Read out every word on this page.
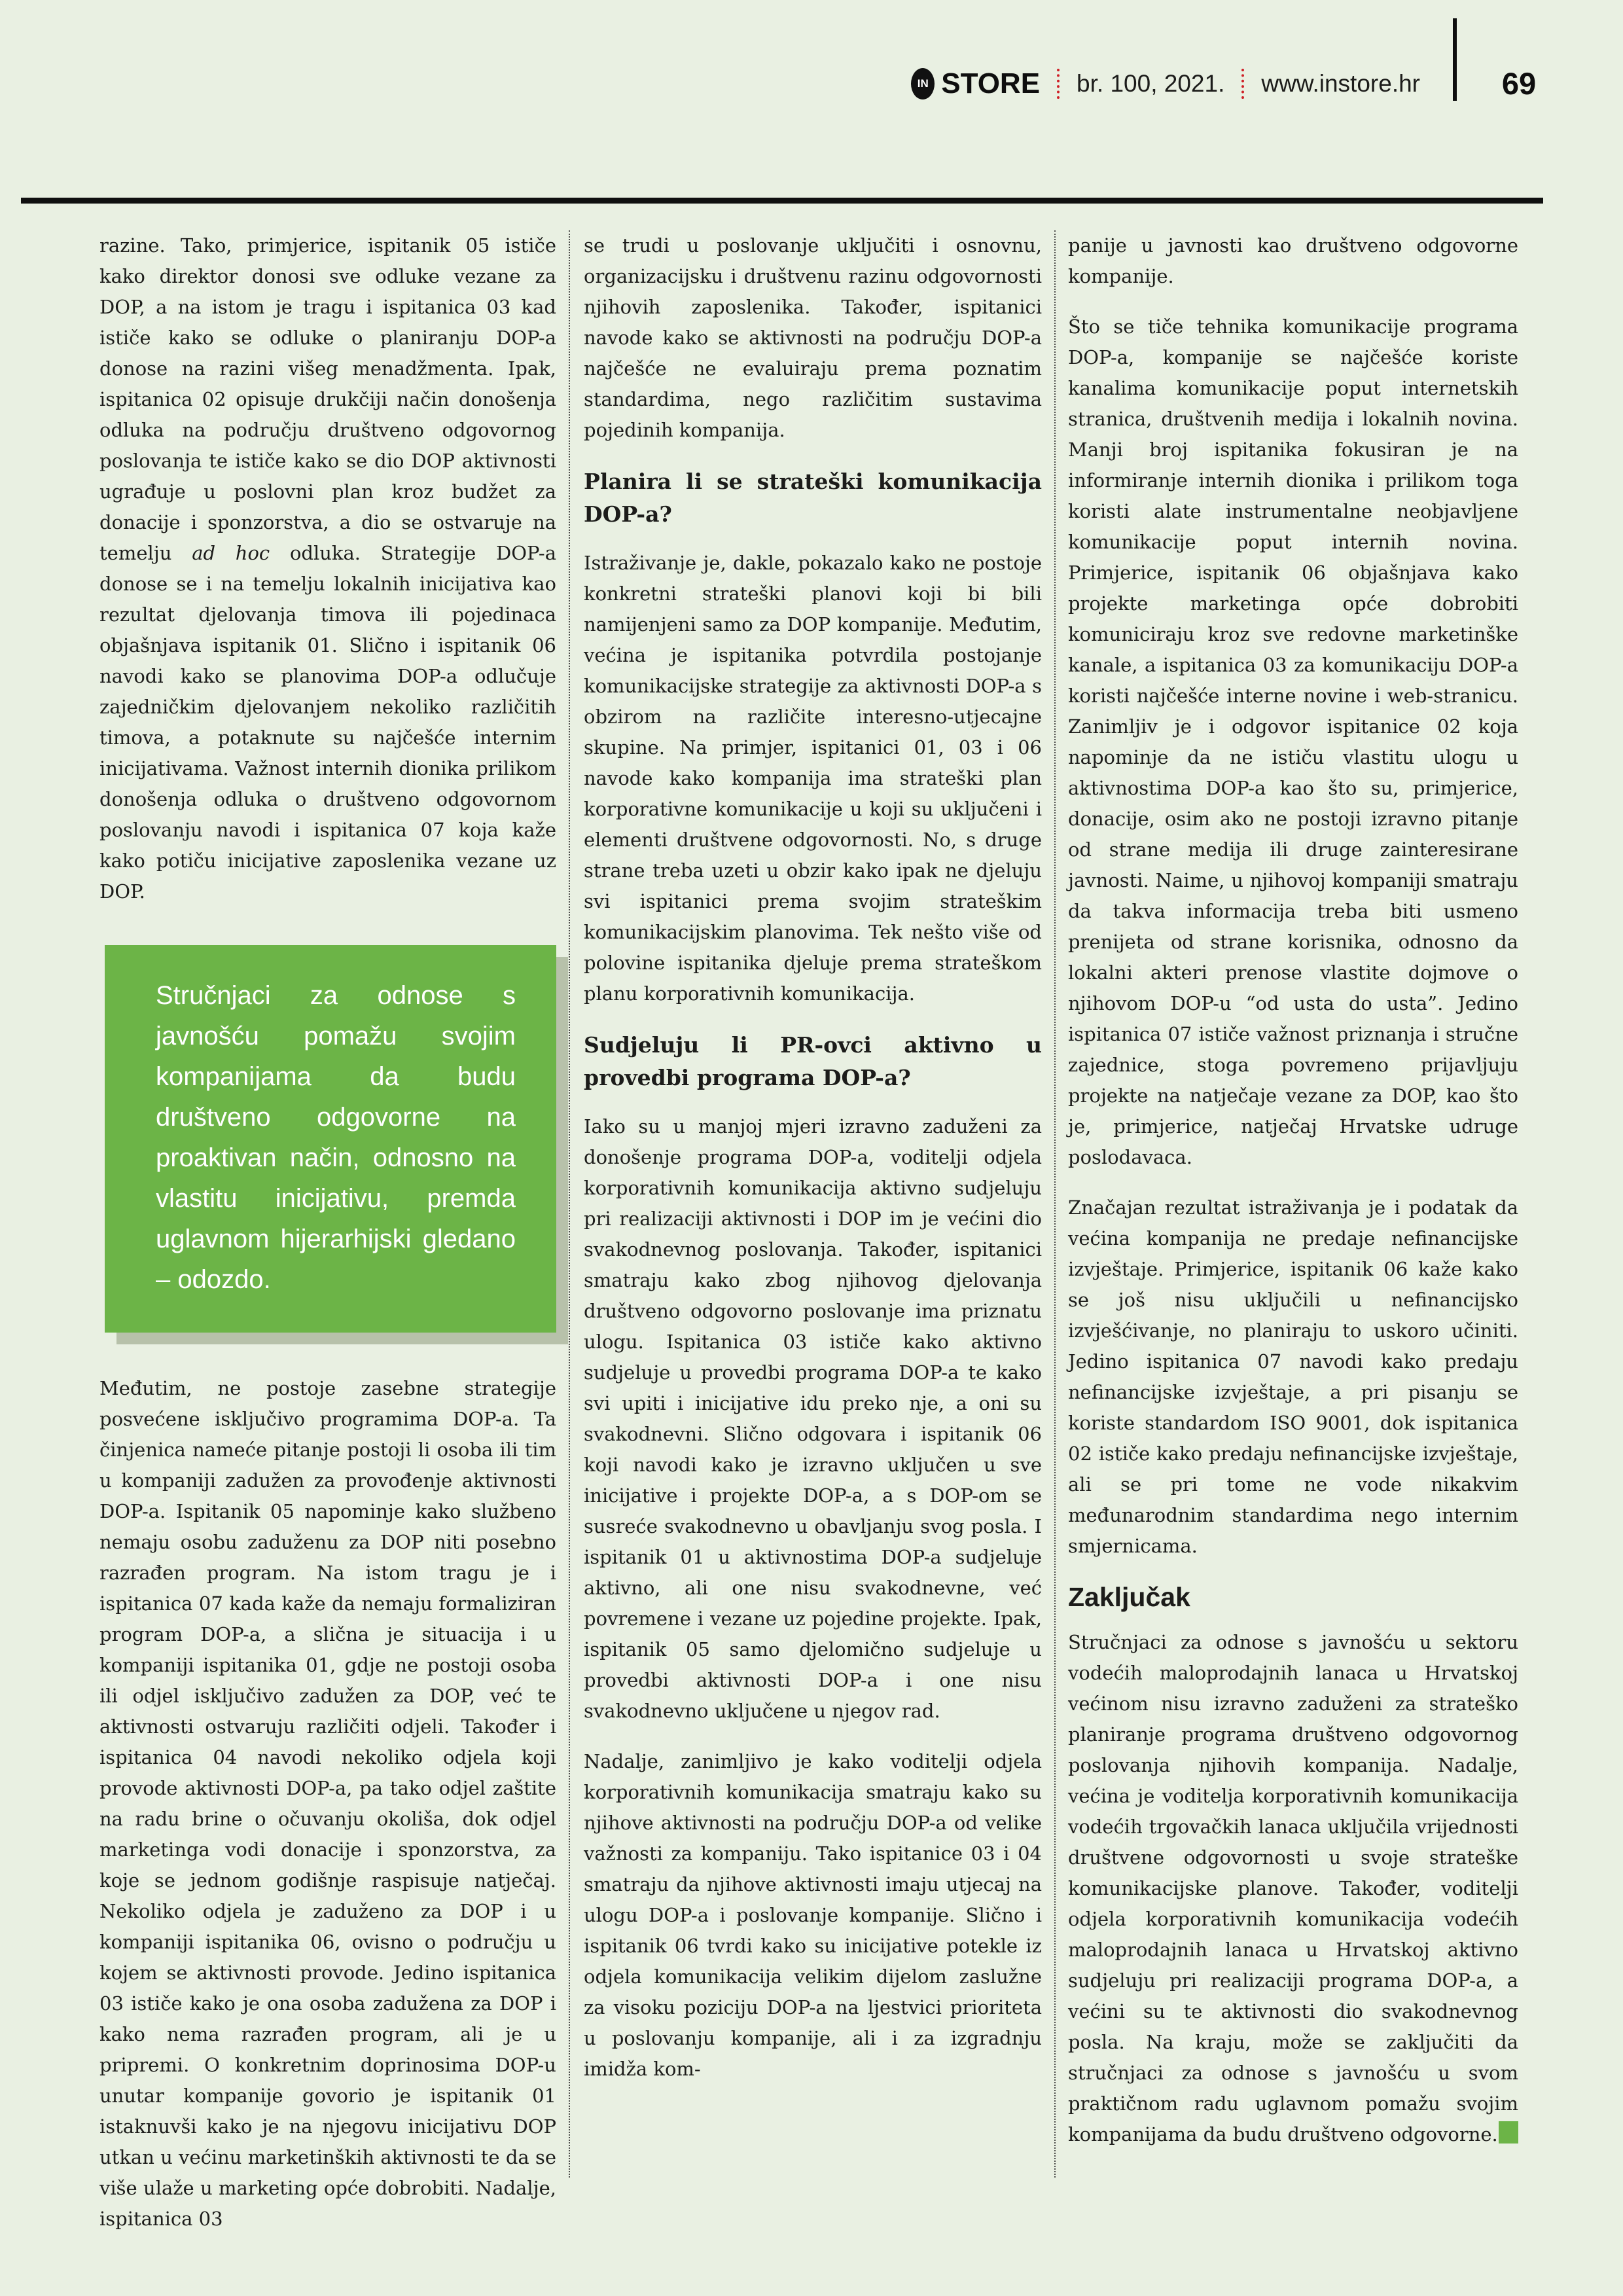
IN STORE br. 100, 2021. www.instore.hr	69

razine. Tako, primjerice, ispitanik 05 ističe kako direktor donosi sve odluke vezane za DOP, a na istom je tragu i ispitanica 03 kad ističe kako se odluke o planiranju DOP-a donose na razini višeg menadžmenta. Ipak, ispitanica 02 opisuje drukčiji način donošenja odluka na području društveno odgovornog poslovanja te ističe kako se dio DOP aktivnosti ugrađuje u poslovni plan kroz budžet za donacije i sponzorstva, a dio se ostvaruje na temelju ad hoc odluka. Strategije DOP-a donose se i na temelju lokalnih inicijativa kao rezultat djelovanja timova ili pojedinaca objašnjava ispitanik 01. Slično i ispitanik 06 navodi kako se planovima DOP-a odlučuje zajedničkim djelovanjem nekoliko različitih timova, a potaknute su najčešće internim inicijativama. Važnost internih dionika prilikom donošenja odluka o društveno odgovornom poslovanju navodi i ispitanica 07 koja kaže kako potiču inicijative zaposlenika vezane uz DOP.

Stručnjaci za odnose s javnošću pomažu svojim kompanijama da budu društveno odgovorne na proaktivan način, odnosno na vlastitu inicijativu, premda uglavnom hijerarhijski gledano – odozdo.

Međutim, ne postoje zasebne strategije posvećene isključivo programima DOP-a. Ta činjenica nameće pitanje postoji li osoba ili tim u kompaniji zadužen za provođenje aktivnosti DOP-a. Ispitanik 05 napominje kako službeno nemaju osobu zaduženu za DOP niti posebno razrađen program. Na istom tragu je i ispitanica 07 kada kaže da nemaju formaliziran program DOP-a, a slična je situacija i u kompaniji ispitanika 01, gdje ne postoji osoba ili odjel isključivo zadužen za DOP, već te aktivnosti ostvaruju različiti odjeli. Također i ispitanica 04 navodi nekoliko odjela koji provode aktivnosti DOP-a, pa tako odjel zaštite na radu brine o očuvanju okoliša, dok odjel marketinga vodi donacije i sponzorstva, za koje se jednom godišnje raspisuje natječaj. Nekoliko odjela je zaduženo za DOP i u kompaniji ispitanika 06, ovisno o području u kojem se aktivnosti provode. Jedino ispitanica 03 ističe kako je ona osoba zadužena za DOP i kako nema razrađen program, ali je u pripremi. O konkretnim doprinosima DOP-u unutar kompanije govorio je ispitanik 01 istaknuvši kako je na njegovu inicijativu DOP utkan u većinu marketinških aktivnosti te da se više ulaže u marketing opće dobrobiti. Nadalje, ispitanica 03

se trudi u poslovanje uključiti i osnovnu, organizacijsku i društvenu razinu odgovornosti njihovih zaposlenika. Također, ispitanici navode kako se aktivnosti na području DOP-a najčešće ne evaluiraju prema poznatim standardima, nego različitim sustavima pojedinih kompanija.

Planira li se strateški komunikacija DOP-a?

Istraživanje je, dakle, pokazalo kako ne postoje konkretni strateški planovi koji bi bili namijenjeni samo za DOP kompanije. Međutim, većina je ispitanika potvrdila postojanje komunikacijske strategije za aktivnosti DOP-a s obzirom na različite interesno-utjecajne skupine. Na primjer, ispitanici 01, 03 i 06 navode kako kompanija ima strateški plan korporativne komunikacije u koji su uključeni i elementi društvene odgovornosti. No, s druge strane treba uzeti u obzir kako ipak ne djeluju svi ispitanici prema svojim strateškim komunikacijskim planovima. Tek nešto više od polovine ispitanika djeluje prema strateškom planu korporativnih komunikacija.

Sudjeluju li PR-ovci aktivno u provedbi programa DOP-a?

Iako su u manjoj mjeri izravno zaduženi za donošenje programa DOP-a, voditelji odjela korporativnih komunikacija aktivno sudjeluju pri realizaciji aktivnosti i DOP im je većini dio svakodnevnog poslovanja. Također, ispitanici smatraju kako zbog njihovog djelovanja društveno odgovorno poslovanje ima priznatu ulogu. Ispitanica 03 ističe kako aktivno sudjeluje u provedbi programa DOP-a te kako svi upiti i inicijative idu preko nje, a oni su svakodnevni. Slično odgovara i ispitanik 06 koji navodi kako je izravno uključen u sve inicijative i projekte DOP-a, a s DOP-om se susreće svakodnevno u obavljanju svog posla. I ispitanik 01 u aktivnostima DOP-a sudjeluje aktivno, ali one nisu svakodnevne, već povremene i vezane uz pojedine projekte. Ipak, ispitanik 05 samo djelomično sudjeluje u provedbi aktivnosti DOP-a i one nisu svakodnevno uključene u njegov rad.

Nadalje, zanimljivo je kako voditelji odjela korporativnih komunikacija smatraju kako su njihove aktivnosti na području DOP-a od velike važnosti za kompaniju. Tako ispitanice 03 i 04 smatraju da njihove aktivnosti imaju utjecaj na ulogu DOP-a i poslovanje kompanije. Slično i ispitanik 06 tvrdi kako su inicijative potekle iz odjela komunikacija velikim dijelom zaslužne za visoku poziciju DOP-a na ljestvici prioriteta u poslovanju kompanije, ali i za izgradnju imidža kom-

panije u javnosti kao društveno odgovorne kompanije.

Što se tiče tehnika komunikacije programa DOP-a, kompanije se najčešće koriste kanalima komunikacije poput internetskih stranica, društvenih medija i lokalnih novina. Manji broj ispitanika fokusiran je na informiranje internih dionika i prilikom toga koristi alate instrumentalne neobjavljene komunikacije poput internih novina. Primjerice, ispitanik 06 objašnjava kako projekte marketinga opće dobrobiti komuniciraju kroz sve redovne marketinške kanale, a ispitanica 03 za komunikaciju DOP-a koristi najčešće interne novine i web-stranicu. Zanimljiv je i odgovor ispitanice 02 koja napominje da ne ističu vlastitu ulogu u aktivnostima DOP-a kao što su, primjerice, donacije, osim ako ne postoji izravno pitanje od strane medija ili druge zainteresirane javnosti. Naime, u njihovoj kompaniji smatraju da takva informacija treba biti usmeno prenijeta od strane korisnika, odnosno da lokalni akteri prenose vlastite dojmove o njihovom DOP-u “od usta do usta”. Jedino ispitanica 07 ističe važnost priznanja i stručne zajednice, stoga povremeno prijavljuju projekte na natječaje vezane za DOP, kao što je, primjerice, natječaj Hrvatske udruge poslodavaca.

Značajan rezultat istraživanja je i podatak da većina kompanija ne predaje nefinancijske izvještaje. Primjerice, ispitanik 06 kaže kako se još nisu uključili u nefinancijsko izvješćivanje, no planiraju to uskoro učiniti. Jedino ispitanica 07 navodi kako predaju nefinancijske izvještaje, a pri pisanju se koriste standardom ISO 9001, dok ispitanica 02 ističe kako predaju nefinancijske izvještaje, ali se pri tome ne vode nikakvim međunarodnim standardima nego internim smjernicama.

Zaključak

Stručnjaci za odnose s javnošću u sektoru vodećih maloprodajnih lanaca u Hrvatskoj većinom nisu izravno zaduženi za strateško planiranje programa društveno odgovornog poslovanja njihovih kompanija. Nadalje, većina je voditelja korporativnih komunikacija vodećih trgovačkih lanaca uključila vrijednosti društvene odgovornosti u svoje strateške komunikacijske planove. Također, voditelji odjela korporativnih komunikacija vodećih maloprodajnih lanaca u Hrvatskoj aktivno sudjeluju pri realizaciji programa DOP-a, a većini su te aktivnosti dio svakodnevnog posla. Na kraju, može se zaključiti da stručnjaci za odnose s javnošću u svom praktičnom radu uglavnom pomažu svojim kompanijama da budu društveno odgovorne.
